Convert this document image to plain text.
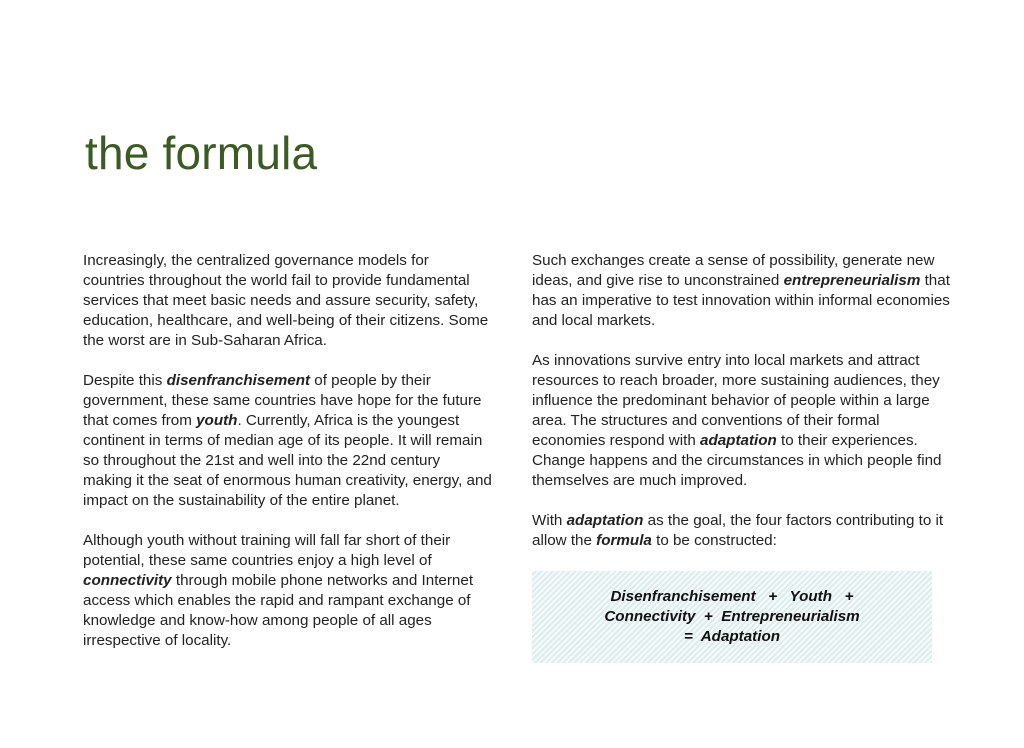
the formula

Increasingly, the centralized governance models for countries throughout the world fail to provide fundamental services that meet basic needs and assure security, safety, education, healthcare, and well-being of their citizens. Some the worst are in Sub-Saharan Africa.

Despite this disenfranchisement of people by their government, these same countries have hope for the future that comes from youth. Currently, Africa is the youngest continent in terms of median age of its people. It will remain so throughout the 21st and well into the 22nd century making it the seat of enormous human creativity, energy, and impact on the sustainability of the entire planet.

Although youth without training will fall far short of their potential, these same countries enjoy a high level of connectivity through mobile phone networks and Internet access which enables the rapid and rampant exchange of knowledge and know-how among people of all ages irrespective of locality.

Such exchanges create a sense of possibility, generate new ideas, and give rise to unconstrained entrepreneurialism that has an imperative to test innovation within informal economies and local markets.

As innovations survive entry into local markets and attract resources to reach broader, more sustaining audiences, they influence the predominant behavior of people within a large area. The structures and conventions of their formal economies respond with adaptation to their experiences. Change happens and the circumstances in which people find themselves are much improved.

With adaptation as the goal, the four factors contributing to it allow the formula to be constructed:

Disenfranchisement   +   Youth   +
Connectivity  +  Entrepreneurialism
=  Adaptation
